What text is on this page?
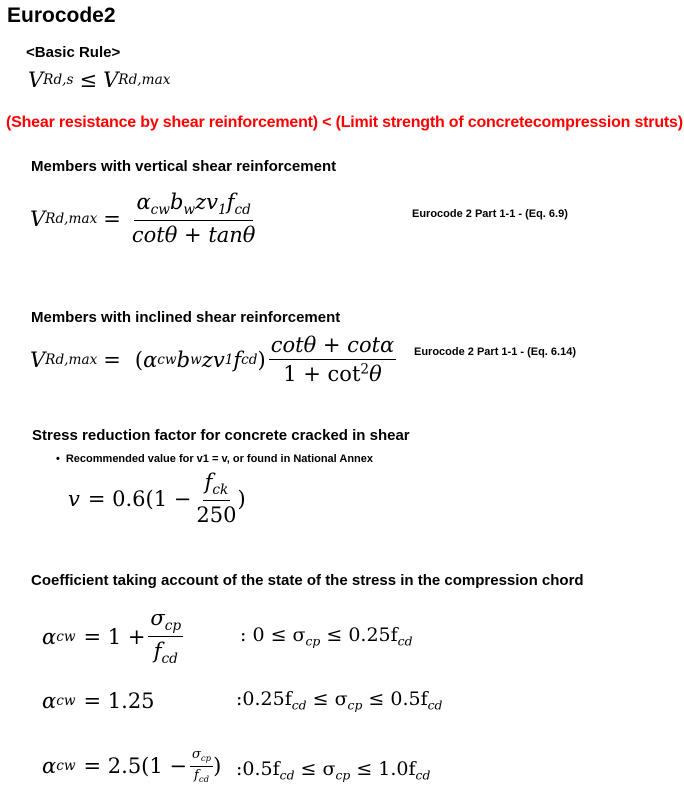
Eurocode2
<Basic Rule>
V Rd,s ≤ V Rd,max
(Shear resistance by shear reinforcement) < (Limit strength of concretecompression struts)
Members with vertical shear reinforcement
V $Rd,\max = \frac{\alpha_{cw}b_wzv_1f_{cd}}{\cot\theta + \tan\theta}$	Eurocode 2 Part 1-1 - (Eq. 6.9)
Members with inclined shear reinforcement
V Rd,max = ( α cw b w z v 1 f cd ) $\frac{\cot\theta + \cot\alpha}{1 + \cot^2\theta}$ Eurocode 2 Part 1-1 - (Eq. 6.14)
Stress reduction factor for concrete cracked in shear
• Recommended value for v1 = v, or found in National Annex
$v = 0.6(1 - \frac{f_{ck}}{250}$ )
Coefficient taking account of the state of the stress in the compression chord
α cw = $1 + \frac{\sigma_{cp}}{f_{cd}}$	: $0 \le \sigma_{cp} \le 0.25f_{cd}$
α cw = 1.25	$:0.25f_{cd} \le \sigma_{cp} \le 0.5f_{cd}$
α cw = $2.5(1 - \frac{\sigma_{cp}}{f_{cd}}$ ) $:0.5f_{cd} \le \sigma_{cp} \le 1.0f_{cd}$
